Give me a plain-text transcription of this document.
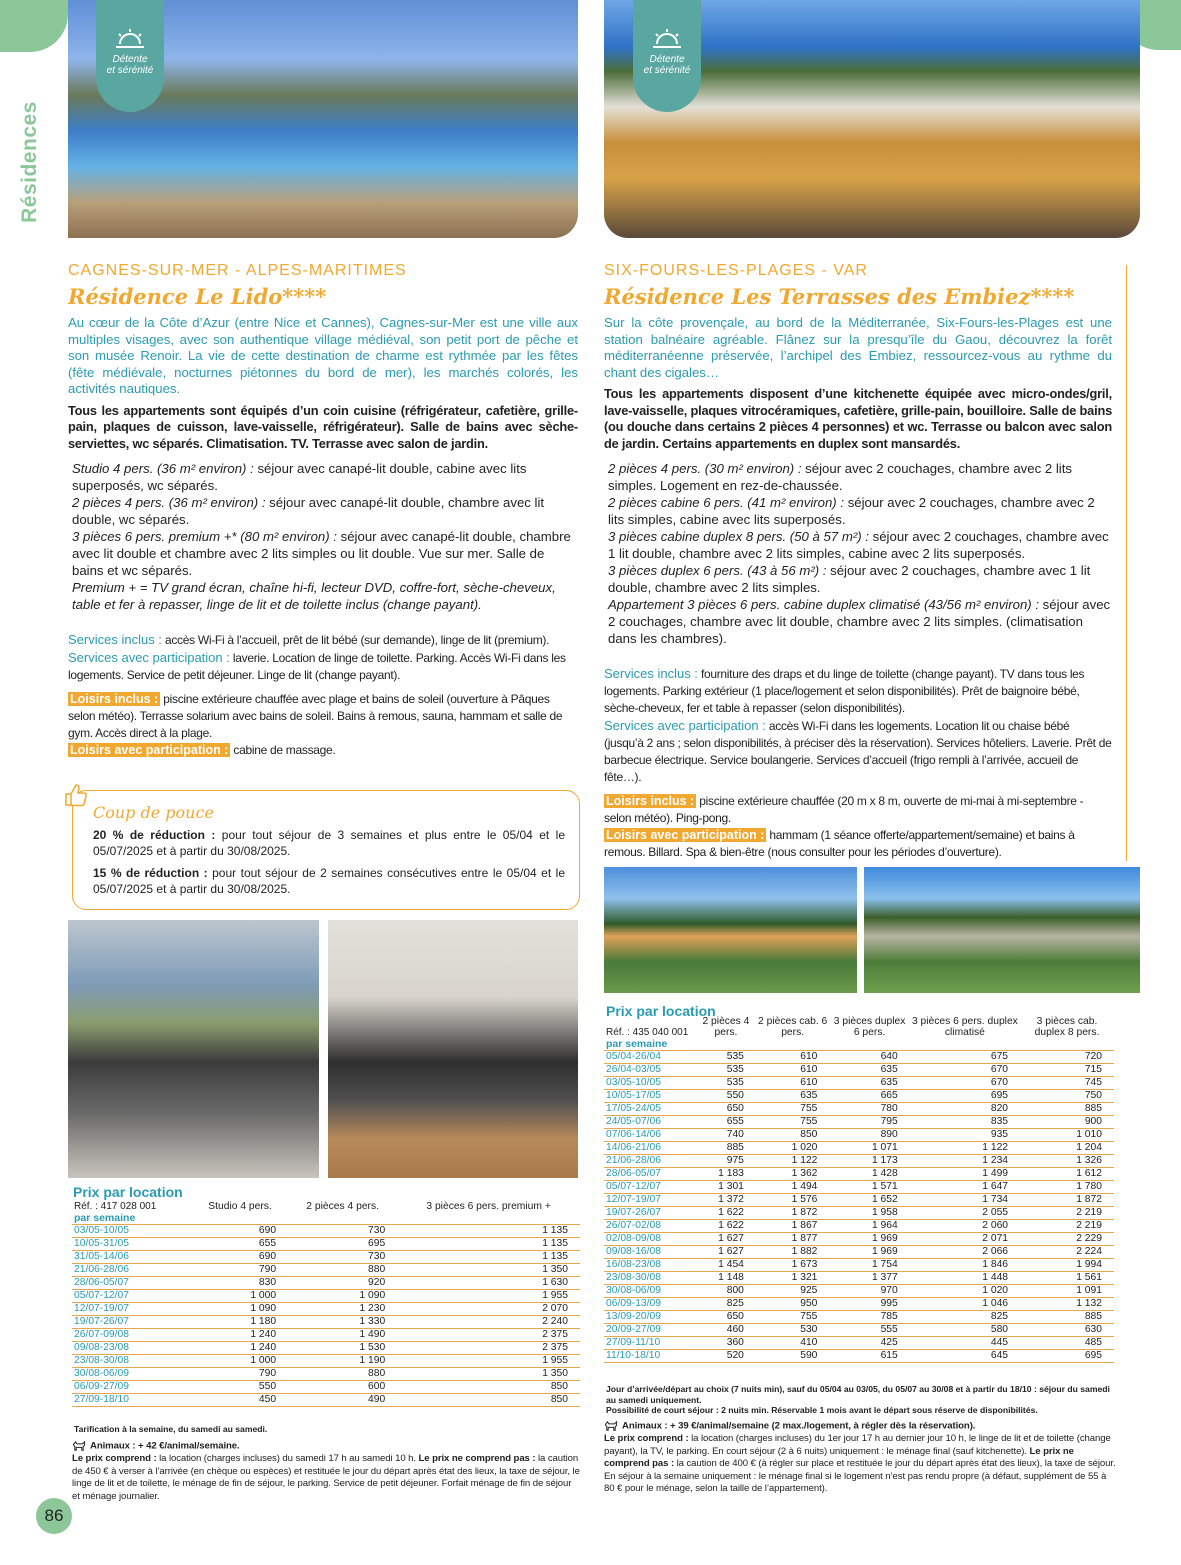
Résidences
Détente
et sérénité
Détente
et sérénité
CAGNES-SUR-MER - ALPES-MARITIMES
Résidence Le Lido****
Au cœur de la Côte d’Azur (entre Nice et Cannes), Cagnes-sur-Mer est une ville aux multiples visages, avec son authentique village médiéval, son petit port de pêche et son musée Renoir. La vie de cette destination de charme est rythmée par les fêtes (fête médiévale, nocturnes piétonnes du bord de mer), les marchés colorés, les activités nautiques.
Tous les appartements sont équipés d’un coin cuisine (réfrigérateur, cafetière, grille-pain, plaques de cuisson, lave-vaisselle, réfrigérateur). Salle de bains avec sèche-serviettes, wc séparés. Climatisation. TV. Terrasse avec salon de jardin.
Studio 4 pers. (36 m² environ) : séjour avec canapé-lit double, cabine avec lits superposés, wc séparés.
2 pièces 4 pers. (36 m² environ) : séjour avec canapé-lit double, chambre avec lit double, wc séparés.
3 pièces 6 pers. premium +* (80 m² environ) : séjour avec canapé-lit double, chambre avec lit double et chambre avec 2 lits simples ou lit double. Vue sur mer. Salle de bains et wc séparés.
Premium + = TV grand écran, chaîne hi-fi, lecteur DVD, coffre-fort, sèche-cheveux, table et fer à repasser, linge de lit et de toilette inclus (change payant).
Services inclus : accès Wi-Fi à l’accueil, prêt de lit bébé (sur demande), linge de lit (premium).
Services avec participation : laverie. Location de linge de toilette. Parking. Accès Wi-Fi dans les logements. Service de petit déjeuner. Linge de lit (change payant).
Loisirs inclus : piscine extérieure chauffée avec plage et bains de soleil (ouverture à Pâques selon météo). Terrasse solarium avec bains de soleil. Bains à remous, sauna, hammam et salle de gym. Accès direct à la plage.
Loisirs avec participation : cabine de massage.
Coup de pouce

20 % de réduction : pour tout séjour de 3 semaines et plus entre le 05/04 et le 05/07/2025 et à partir du 30/08/2025.

15 % de réduction : pour tout séjour de 2 semaines consécutives entre le 05/04 et le 05/07/2025 et à partir du 30/08/2025.

Prix par location
Réf. : 417 028 001	Studio 4 pers.	2 pièces 4 pers.	3 pièces 6 pers. premium +
par semaine			
03/05-10/05	690	730	1 135
10/05-31/05	655	695	1 135
31/05-14/06	690	730	1 135
21/06-28/06	790	880	1 350
28/06-05/07	830	920	1 630
05/07-12/07	1 000	1 090	1 955
12/07-19/07	1 090	1 230	2 070
19/07-26/07	1 180	1 330	2 240
26/07-09/08	1 240	1 490	2 375
09/08-23/08	1 240	1 530	2 375
23/08-30/08	1 000	1 190	1 955
30/08-06/09	790	880	1 350
06/09-27/09	550	600	850
27/09-18/10	450	490	850
Tarification à la semaine, du samedi au samedi.
Animaux : + 42 €/animal/semaine.
Le prix comprend : la location (charges incluses) du samedi 17 h au samedi 10 h. Le prix ne comprend pas : la caution de 450 € à verser à l’arrivée (en chèque ou espèces) et restituée le jour du départ après état des lieux, la taxe de séjour, le linge de lit et de toilette, le ménage de fin de séjour, le parking. Service de petit déjeuner. Forfait ménage de fin de séjour et ménage journalier.
SIX-FOURS-LES-PLAGES - VAR
Résidence Les Terrasses des Embiez****
Sur la côte provençale, au bord de la Méditerranée, Six-Fours-les-Plages est une station balnéaire agréable. Flânez sur la presqu’île du Gaou, découvrez la forêt méditerranéenne préservée, l’archipel des Embiez, ressourcez-vous au rythme du chant des cigales…
Tous les appartements disposent d’une kitchenette équipée avec micro-ondes/gril, lave-vaisselle, plaques vitrocéramiques, cafetière, grille-pain, bouilloire. Salle de bains (ou douche dans certains 2 pièces 4 personnes) et wc. Terrasse ou balcon avec salon de jardin. Certains appartements en duplex sont mansardés.
2 pièces 4 pers. (30 m² environ) : séjour avec 2 couchages, chambre avec 2 lits simples. Logement en rez-de-chaussée.
2 pièces cabine 6 pers. (41 m² environ) : séjour avec 2 couchages, chambre avec 2 lits simples, cabine avec lits superposés.
3 pièces cabine duplex 8 pers. (50 à 57 m²) : séjour avec 2 couchages, chambre avec 1 lit double, chambre avec 2 lits simples, cabine avec 2 lits superposés.
3 pièces duplex 6 pers. (43 à 56 m²) : séjour avec 2 couchages, chambre avec 1 lit double, chambre avec 2 lits simples.
Appartement 3 pièces 6 pers. cabine duplex climatisé (43/56 m² environ) : séjour avec 2 couchages, chambre avec lit double, chambre avec 2 lits simples. (climatisation dans les chambres).
Services inclus : fourniture des draps et du linge de toilette (change payant). TV dans tous les logements. Parking extérieur (1 place/logement et selon disponibilités). Prêt de baignoire bébé, sèche-cheveux, fer et table à repasser (selon disponibilités).
Services avec participation : accès Wi-Fi dans les logements. Location lit ou chaise bébé (jusqu’à 2 ans ; selon disponibilités, à préciser dès la réservation). Services hôteliers. Laverie. Prêt de barbecue électrique. Service boulangerie. Services d’accueil (frigo rempli à l’arrivée, accueil de fête…).
Loisirs inclus : piscine extérieure chauffée (20 m x 8 m, ouverte de mi-mai à mi-septembre - selon météo). Ping-pong.
Loisirs avec participation : hammam (1 séance offerte/appartement/semaine) et bains à remous. Billard. Spa & bien-être (nous consulter pour les périodes d’ouverture).
Prix par location
Réf. : 435 040 001	2 pièces 4 pers.	2 pièces cab. 6 pers.	3 pièces duplex 6 pers.	3 pièces 6 pers. duplex climatisé	3 pièces cab. duplex 8 pers.
par semaine					
05/04-26/04	535	610	640	675	720
26/04-03/05	535	610	635	670	715
03/05-10/05	535	610	635	670	745
10/05-17/05	550	635	665	695	750
17/05-24/05	650	755	780	820	885
24/05-07/06	655	755	795	835	900
07/06-14/06	740	850	890	935	1 010
14/06-21/06	885	1 020	1 071	1 122	1 204
21/06-28/06	975	1 122	1 173	1 234	1 326
28/06-05/07	1 183	1 362	1 428	1 499	1 612
05/07-12/07	1 301	1 494	1 571	1 647	1 780
12/07-19/07	1 372	1 576	1 652	1 734	1 872
19/07-26/07	1 622	1 872	1 958	2 055	2 219
26/07-02/08	1 622	1 867	1 964	2 060	2 219
02/08-09/08	1 627	1 877	1 969	2 071	2 229
09/08-16/08	1 627	1 882	1 969	2 066	2 224
16/08-23/08	1 454	1 673	1 754	1 846	1 994
23/08-30/08	1 148	1 321	1 377	1 448	1 561
30/08-06/09	800	925	970	1 020	1 091
06/09-13/09	825	950	995	1 046	1 132
13/09-20/09	650	755	785	825	885
20/09-27/09	460	530	555	580	630
27/09-11/10	360	410	425	445	485
11/10-18/10	520	590	615	645	695
Jour d’arrivée/départ au choix (7 nuits min), sauf du 05/04 au 03/05, du 05/07 au 30/08 et à partir du 18/10 : séjour du samedi au samedi uniquement.
Possibilité de court séjour : 2 nuits min. Réservable 1 mois avant le départ sous réserve de disponibilités.
Animaux : + 39 €/animal/semaine (2 max./logement, à régler dès la réservation).
Le prix comprend : la location (charges incluses) du 1er jour 17 h au dernier jour 10 h, le linge de lit et de toilette (change payant), la TV, le parking. En court séjour (2 à 6 nuits) uniquement : le ménage final (sauf kitchenette). Le prix ne comprend pas : la caution de 400 € (à régler sur place et restituée le jour du départ après état des lieux), la taxe de séjour. En séjour à la semaine uniquement : le ménage final si le logement n’est pas rendu propre (à défaut, supplément de 55 à 80 € pour le ménage, selon la taille de l’appartement).
86
